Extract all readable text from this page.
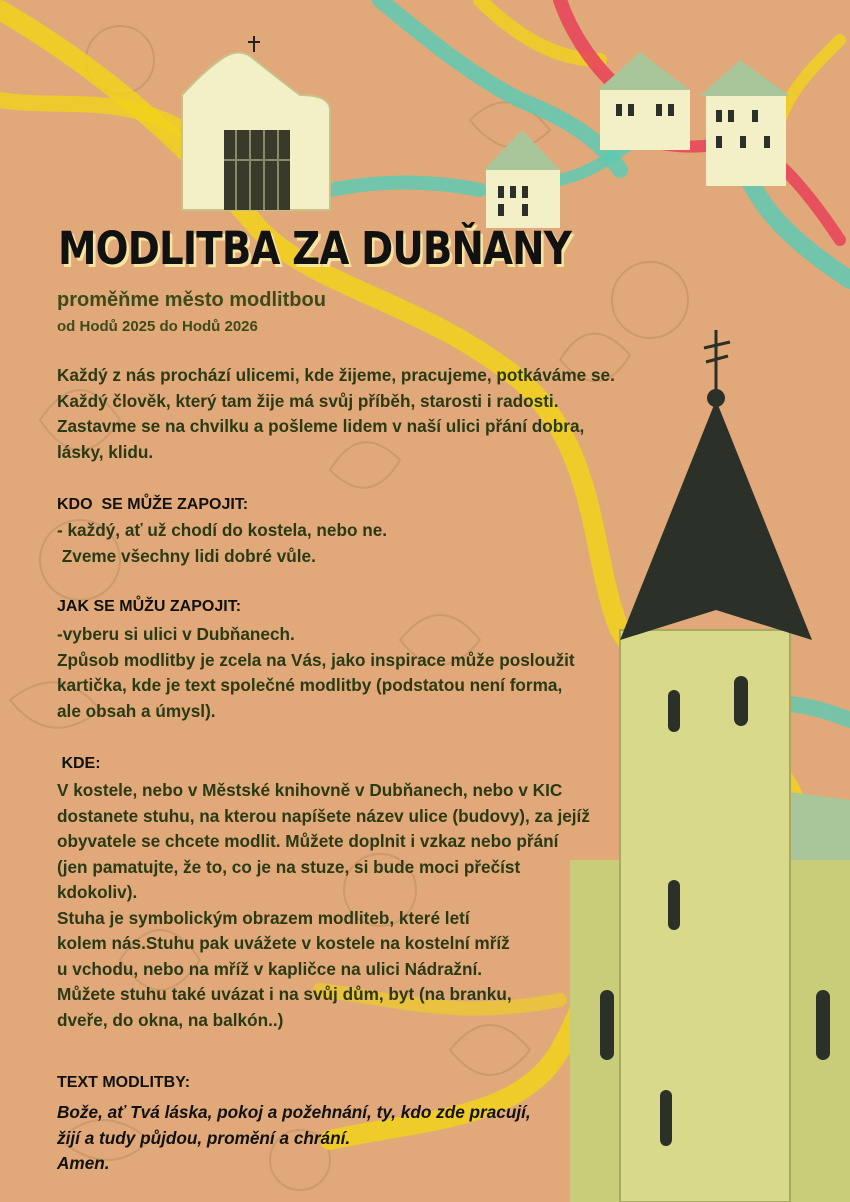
MODLITBA ZA DUBŇANY
proměňme město modlitbou
od Hodů 2025 do Hodů 2026
Každý z nás prochází ulicemi, kde žijeme, pracujeme, potkáváme se.
Každý člověk, který tam žije má svůj příběh, starosti i radosti.
Zastavme se na chvilku a pošleme lidem v naší ulici přání dobra,
lásky, klidu.
KDO  SE MŮŽE ZAPOJIT:
- každý, ať už chodí do kostela, nebo ne.
Zveme všechny lidi dobré vůle.
JAK SE MŮŽU ZAPOJIT:
-vyberu si ulici v Dubňanech.
Způsob modlitby je zcela na Vás, jako inspirace může posloužit
kartička, kde je text společné modlitby (podstatou není forma,
ale obsah a úmysl).
KDE:
V kostele, nebo v Městské knihovně v Dubňanech, nebo v KIC
dostanete stuhu, na kterou napíšete název ulice (budovy), za jejíž
obyvatele se chcete modlit. Můžete doplnit i vzkaz nebo přání
(jen pamatujte, že to, co je na stuze, si bude moci přečíst
kdokoliv).
Stuha je symbolickým obrazem modliteb, které letí
kolem nás.Stuhu pak uvážete v kostele na kostelní mříž
u vchodu, nebo na mříž v kapličce na ulici Nádražní.
Můžete stuhu také uvázat i na svůj dům, byt (na branku,
dveře, do okna, na balkón..)
TEXT MODLITBY:
Bože, ať Tvá láska, pokoj a požehnání, ty, kdo zde pracují,
žijí a tudy půjdou, promění a chrání.
Amen.
